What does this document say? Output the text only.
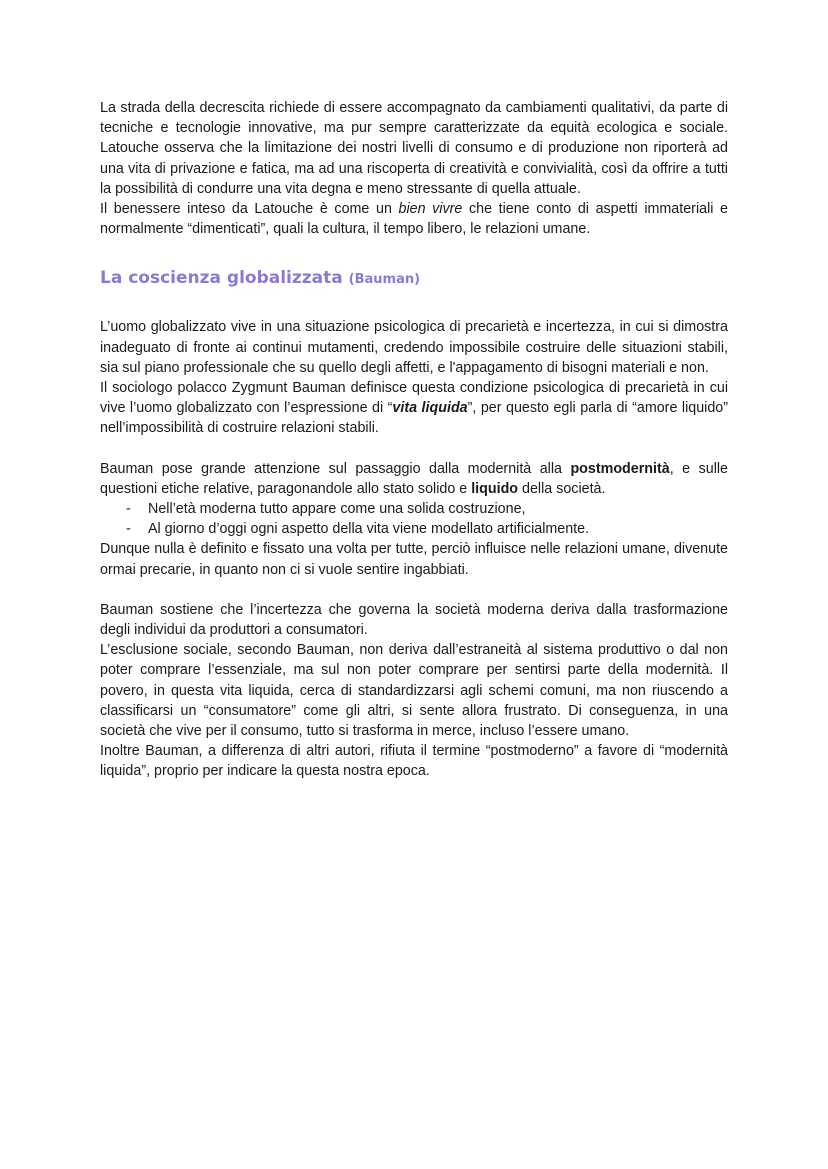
La strada della decrescita richiede di essere accompagnato da cambiamenti qualitativi, da parte di tecniche e tecnologie innovative, ma pur sempre caratterizzate da equità ecologica e sociale. Latouche osserva che la limitazione dei nostri livelli di consumo e di produzione non riporterà ad una vita di privazione e fatica, ma ad una riscoperta di creatività e convivialità, così da offrire a tutti la possibilità di condurre una vita degna e meno stressante di quella attuale.

Il benessere inteso da Latouche è come un bien vivre che tiene conto di aspetti immateriali e normalmente “dimenticati”, quali la cultura, il tempo libero, le relazioni umane.

La coscienza globalizzata (Bauman)

L’uomo globalizzato vive in una situazione psicologica di precarietà e incertezza, in cui si dimostra inadeguato di fronte ai continui mutamenti, credendo impossibile costruire delle situazioni stabili, sia sul piano professionale che su quello degli affetti, e l'appagamento di bisogni materiali e non.

Il sociologo polacco Zygmunt Bauman definisce questa condizione psicologica di precarietà in cui vive l’uomo globalizzato con l’espressione di “vita liquida”, per questo egli parla di “amore liquido” nell’impossibilità di costruire relazioni stabili.

Bauman pose grande attenzione sul passaggio dalla modernità alla postmodernità, e sulle questioni etiche relative, paragonandole allo stato solido e liquido della società.

- Nell’età moderna tutto appare come una solida costruzione,
- Al giorno d’oggi ogni aspetto della vita viene modellato artificialmente.

Dunque nulla è definito e fissato una volta per tutte, perciò influisce nelle relazioni umane, divenute ormai precarie, in quanto non ci si vuole sentire ingabbiati.

Bauman sostiene che l’incertezza che governa la società moderna deriva dalla trasformazione degli individui da produttori a consumatori.

L’esclusione sociale, secondo Bauman, non deriva dall’estraneità al sistema produttivo o dal non poter comprare l’essenziale, ma sul non poter comprare per sentirsi parte della modernità. Il povero, in questa vita liquida, cerca di standardizzarsi agli schemi comuni, ma non riuscendo a classificarsi un “consumatore” come gli altri, si sente allora frustrato. Di conseguenza, in una società che vive per il consumo, tutto si trasforma in merce, incluso l’essere umano.

Inoltre Bauman, a differenza di altri autori, rifiuta il termine “postmoderno” a favore di “modernità liquida”, proprio per indicare la questa nostra epoca.
